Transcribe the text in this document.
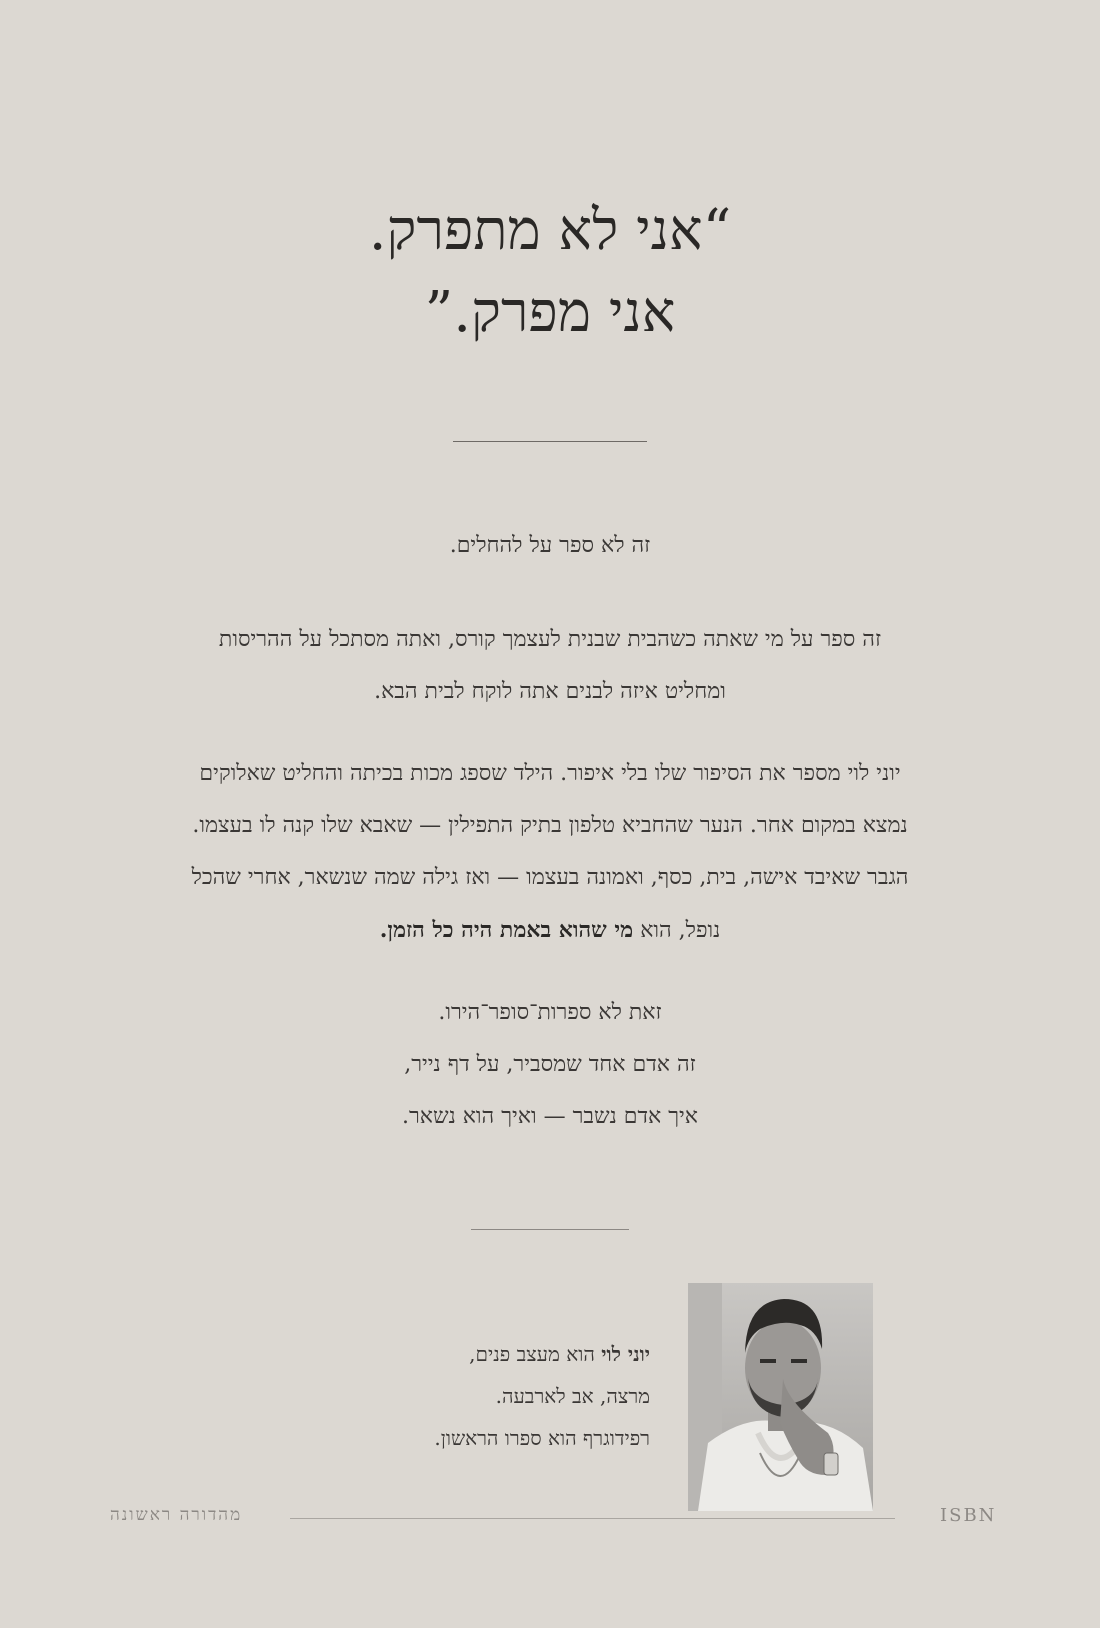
“אני לא מתפרק.
אני מפרק.”

זה לא ספר על להחלים.

זה ספר על מי שאתה כשהבית שבנית לעצמך קורס, ואתה מסתכל על ההריסות
ומחליט איזה לבנים אתה לוקח לבית הבא.

יוני לוי מספר את הסיפור שלו בלי איפור. הילד שספג מכות בכיתה והחליט שאלוקים
נמצא במקום אחר. הנער שהחביא טלפון בתיק התפילין — שאבא שלו קנה לו בעצמו.
הגבר שאיבד אישה, בית, כסף, ואמונה בעצמו — ואז גילה שמה שנשאר, אחרי שהכל
נופל, הוא מי שהוא באמת היה כל הזמן.

זאת לא ספרות־סופר־הירו.
זה אדם אחד שמסביר, על דף נייר,
איך אדם נשבר — ואיך הוא נשאר.

יוני לוי הוא מעצב פנים,

מרצה, אב לארבעה.

רפידוגרף הוא ספרו הראשון.

מהדורה ראשונה	ISBN
